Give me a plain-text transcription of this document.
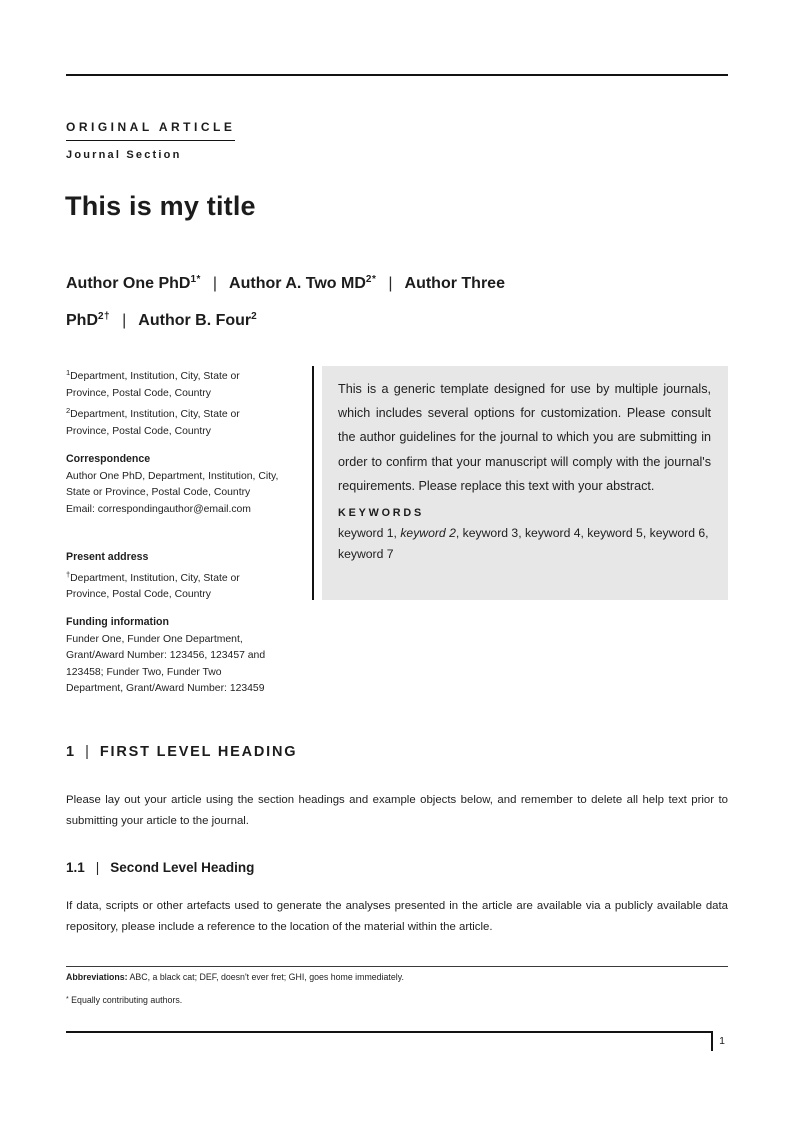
ORIGINAL ARTICLE
Journal Section
This is my title
Author One PhD$^{1*}$ | Author A. Two $MD^{2*}$ | Author Three PhD$^{2\dagger}$ | Author B. Four$^2$
$^1$Department, Institution, City, State or Province, Postal Code, Country
$^2$Department, Institution, City, State or Province, Postal Code, Country
Correspondence
Author One PhD, Department, Institution, City, State or Province, Postal Code, Country
Email: correspondingauthor@email.com
Present address
†Department, Institution, City, State or Province, Postal Code, Country
Funding information
Funder One, Funder One Department, Grant/Award Number: 123456, 123457 and 123458; Funder Two, Funder Two Department, Grant/Award Number: 123459
This is a generic template designed for use by multiple journals, which includes several options for customization. Please consult the author guidelines for the journal to which you are submitting in order to confirm that your manuscript will comply with the journal's requirements. Please replace this text with your abstract.
KEYWORDS
keyword 1, keyword 2, keyword 3, keyword 4, keyword 5, keyword 6, keyword 7
1 | FIRST LEVEL HEADING
Please lay out your article using the section headings and example objects below, and remember to delete all help text prior to submitting your article to the journal.
1.1 | Second Level Heading
If data, scripts or other artefacts used to generate the analyses presented in the article are available via a publicly available data repository, please include a reference to the location of the material within the article.
Abbreviations: ABC, a black cat; DEF, doesn't ever fret; GHI, goes home immediately.
* Equally contributing authors.
1
